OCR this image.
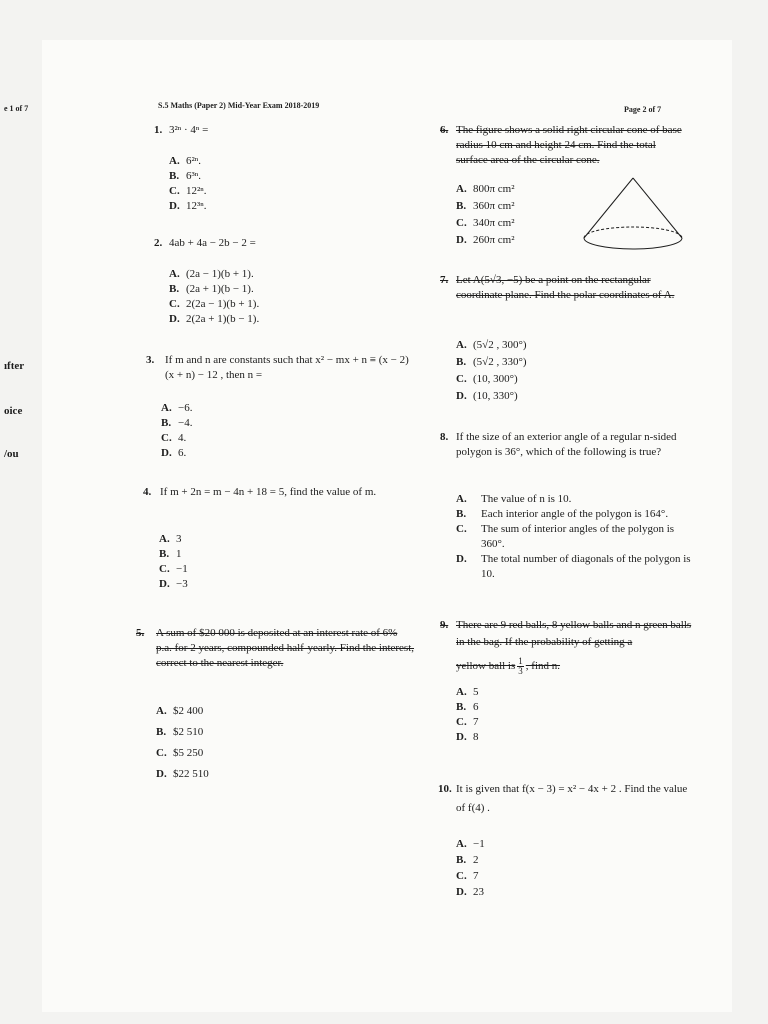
e 1 of 7
ıfter
oice
/ou
S.5 Maths (Paper 2) Mid-Year Exam 2018-2019	Page 2 of 7
1. 3²ⁿ · 4ⁿ =
A. 6²ⁿ.
B. 6³ⁿ.
C. 12²ⁿ.
D. 12³ⁿ.
2. 4ab + 4a − 2b − 2 =
A. (2a − 1)(b + 1).
B. (2a + 1)(b − 1).
C. 2(2a − 1)(b + 1).
D. 2(2a + 1)(b − 1).
3. If m and n are constants such that x² − mx + n ≡ (x − 2)(x + n) − 12 , then n =
A. −6.
B. −4.
C. 4.
D. 6.
4. If m + 2n = m − 4n + 18 = 5, find the value of m.
A. 3
B. 1
C. −1
D. −3
5. A sum of $20 000 is deposited at an interest rate of 6% p.a. for 2 years, compounded half-yearly. Find the interest, correct to the nearest integer.
A. $2 400
B. $2 510
C. $5 250
D. $22 510
6. The figure shows a solid right circular cone of base radius 10 cm and height 24 cm. Find the total surface area of the circular cone.
A. 800π cm²
B. 360π cm²
C. 340π cm²
D. 260π cm²
7. Let A(5√3, −5) be a point on the rectangular coordinate plane. Find the polar coordinates of A.
A. (5√2 , 300°)
B. (5√2 , 330°)
C. (10, 300°)
D. (10, 330°)
8. If the size of an exterior angle of a regular n-sided polygon is 36°, which of the following is true?
A. The value of n is 10.
B. Each interior angle of the polygon is 164°.
C. The sum of interior angles of the polygon is 360°.
D. The total number of diagonals of the polygon is 10.
9. There are 9 red balls, 8 yellow balls and n green balls in the bag. If the probability of getting a
yellow ball is $\frac{1}{3}$ , find n.
A. 5
B. 6
C. 7
D. 8
10. It is given that f(x − 3) = x² − 4x + 2 . Find the value of f(4) .
A. −1
B. 2
C. 7
D. 23
